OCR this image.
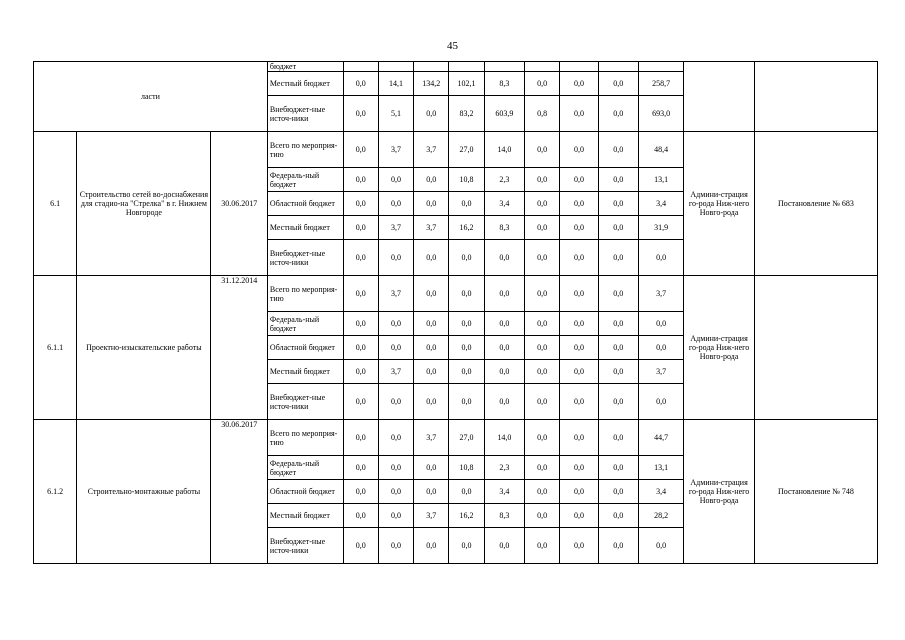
45
ласти			бюджет											
			Местный бюджет	0,0	14,1	134,2	102,1	8,3	0,0	0,0	0,0	258,7		
			Внебюджет-ные источ-ники	0,0	5,1	0,0	83,2	603,9	0,8	0,0	0,0	693,0		
6.1	Строительство сетей во-доснабжения для стадио-на "Стрелка" в г. Нижнем Новгороде	30.06.2017	Всего по мероприя-тию	0,0	3,7	3,7	27,0	14,0	0,0	0,0	0,0	48,4	Админи-страция го-рода Ниж-него Новго-рода	Постановление № 683
			Федераль-ный бюджет	0,0	0,0	0,0	10,8	2,3	0,0	0,0	0,0	13,1		
			Областной бюджет	0,0	0,0	0,0	0,0	3,4	0,0	0,0	0,0	3,4		
			Местный бюджет	0,0	3,7	3,7	16,2	8,3	0,0	0,0	0,0	31,9		
			Внебюджет-ные источ-ники	0,0	0,0	0,0	0,0	0,0	0,0	0,0	0,0	0,0		
6.1.1	Проектно-изыскательские работы	31.12.2014	Всего по мероприя-тию	0,0	3,7	0,0	0,0	0,0	0,0	0,0	0,0	3,7	Админи-страция го-рода Ниж-него Новго-рода	
			Федераль-ный бюджет	0,0	0,0	0,0	0,0	0,0	0,0	0,0	0,0	0,0		
			Областной бюджет	0,0	0,0	0,0	0,0	0,0	0,0	0,0	0,0	0,0		
			Местный бюджет	0,0	3,7	0,0	0,0	0,0	0,0	0,0	0,0	3,7		
			Внебюджет-ные источ-ники	0,0	0,0	0,0	0,0	0,0	0,0	0,0	0,0	0,0		
6.1.2	Строительно-монтажные работы	30.06.2017	Всего по мероприя-тию	0,0	0,0	3,7	27,0	14,0	0,0	0,0	0,0	44,7	Админи-страция го-рода Ниж-него Новго-рода	Постановление № 748
			Федераль-ный бюджет	0,0	0,0	0,0	10,8	2,3	0,0	0,0	0,0	13,1		
			Областной бюджет	0,0	0,0	0,0	0,0	3,4	0,0	0,0	0,0	3,4		
			Местный бюджет	0,0	0,0	3,7	16,2	8,3	0,0	0,0	0,0	28,2		
			Внебюджет-ные источ-ники	0,0	0,0	0,0	0,0	0,0	0,0	0,0	0,0	0,0		
